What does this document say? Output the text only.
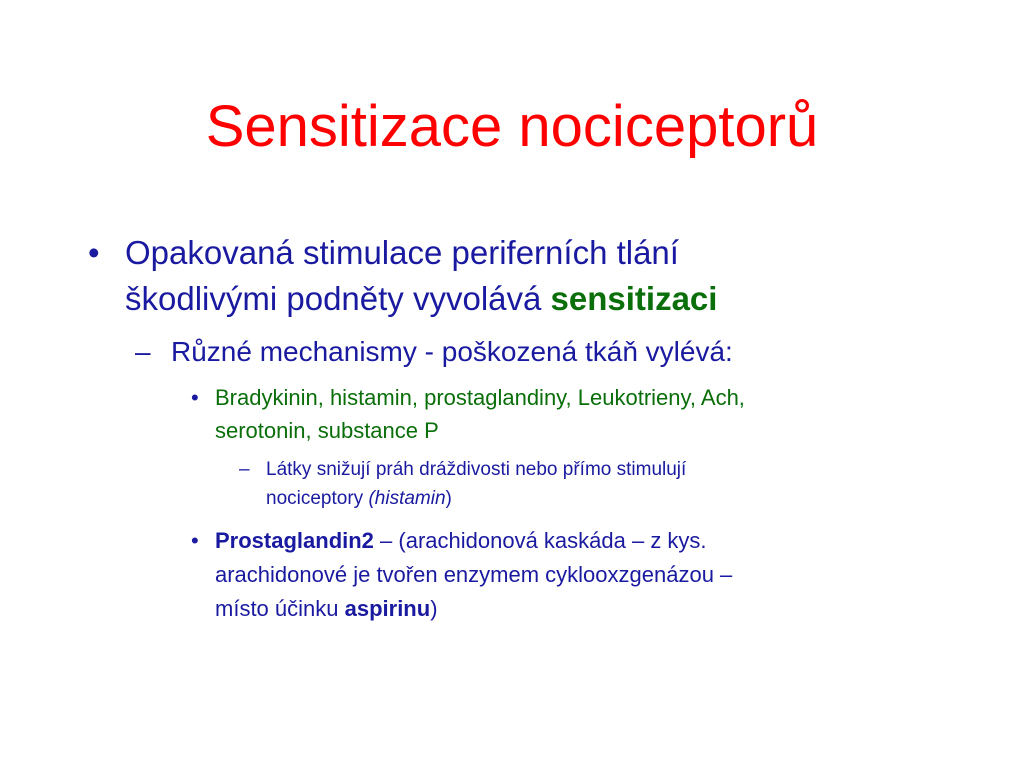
Sensitizace nociceptorů
• Opakovaná stimulace periferních tlání
škodlivými podněty vyvolává sensitizaci
– Různé mechanismy - poškozená tkáň vylévá:
• Bradykinin, histamin, prostaglandiny, Leukotrieny, Ach,
serotonin, substance P
– Látky snižují práh dráždivosti nebo přímo stimulují
nociceptory (histamin)
• Prostaglandin2 – (arachidonová kaskáda – z kys.
arachidonové je tvořen enzymem cyklooxzgenázou –
místo účinku aspirinu)
